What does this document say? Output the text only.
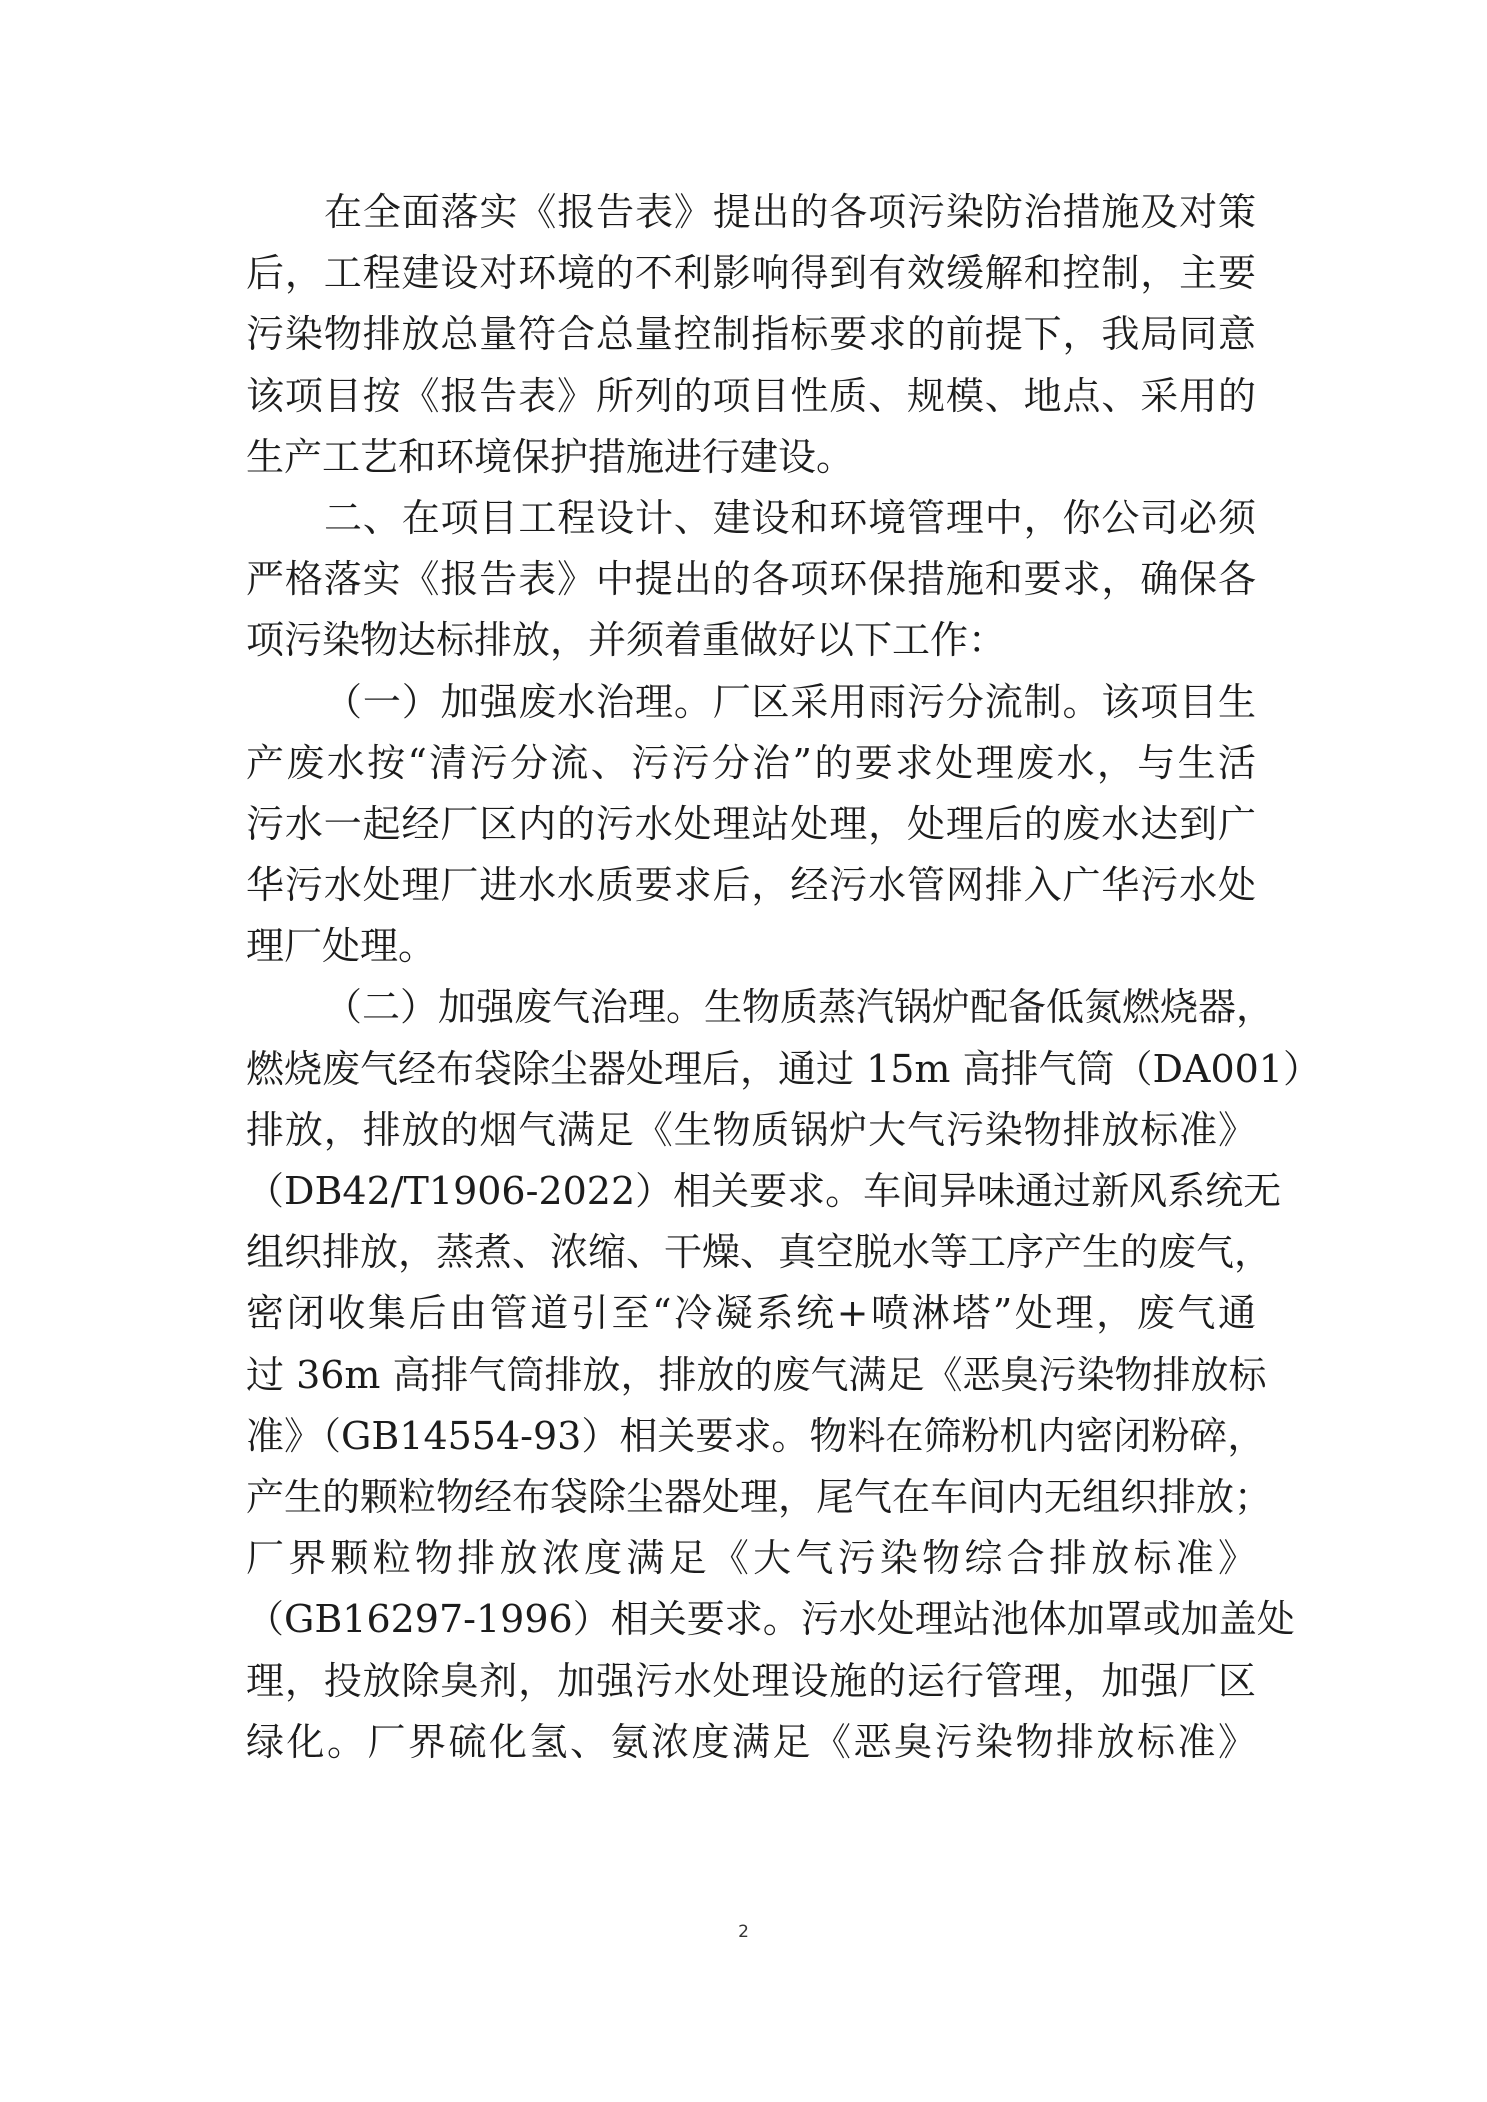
在全面落实《报告表》提出的各项污染防治措施及对策
后，工程建设对环境的不利影响得到有效缓解和控制，主要
污染物排放总量符合总量控制指标要求的前提下，我局同意
该项目按《报告表》所列的项目性质、规模、地点、采用的
生产工艺和环境保护措施进行建设。
二、在项目工程设计、建设和环境管理中，你公司必须
严格落实《报告表》中提出的各项环保措施和要求，确保各
项污染物达标排放，并须着重做好以下工作：
（一）加强废水治理。厂区采用雨污分流制。该项目生
产废水按“清污分流、污污分治”的要求处理废水，与生活
污水一起经厂区内的污水处理站处理，处理后的废水达到广
华污水处理厂进水水质要求后，经污水管网排入广华污水处
理厂处理。
（二）加强废气治理。生物质蒸汽锅炉配备低氮燃烧器，
燃烧废气经布袋除尘器处理后，通过 15m 高排气筒（DA001）
排放，排放的烟气满足《生物质锅炉大气污染物排放标准》
（DB42/T1906-2022）相关要求。车间异味通过新风系统无
组织排放，蒸煮、浓缩、干燥、真空脱水等工序产生的废气，
密闭收集后由管道引至“冷凝系统+喷淋塔”处理，废气通
过 36m 高排气筒排放，排放的废气满足《恶臭污染物排放标
准》（GB14554-93）相关要求。物料在筛粉机内密闭粉碎，
产生的颗粒物经布袋除尘器处理，尾气在车间内无组织排放；
厂界颗粒物排放浓度满足《大气污染物综合排放标准》
（GB16297-1996）相关要求。污水处理站池体加罩或加盖处
理，投放除臭剂，加强污水处理设施的运行管理，加强厂区
绿化。厂界硫化氢、氨浓度满足《恶臭污染物排放标准》
2
